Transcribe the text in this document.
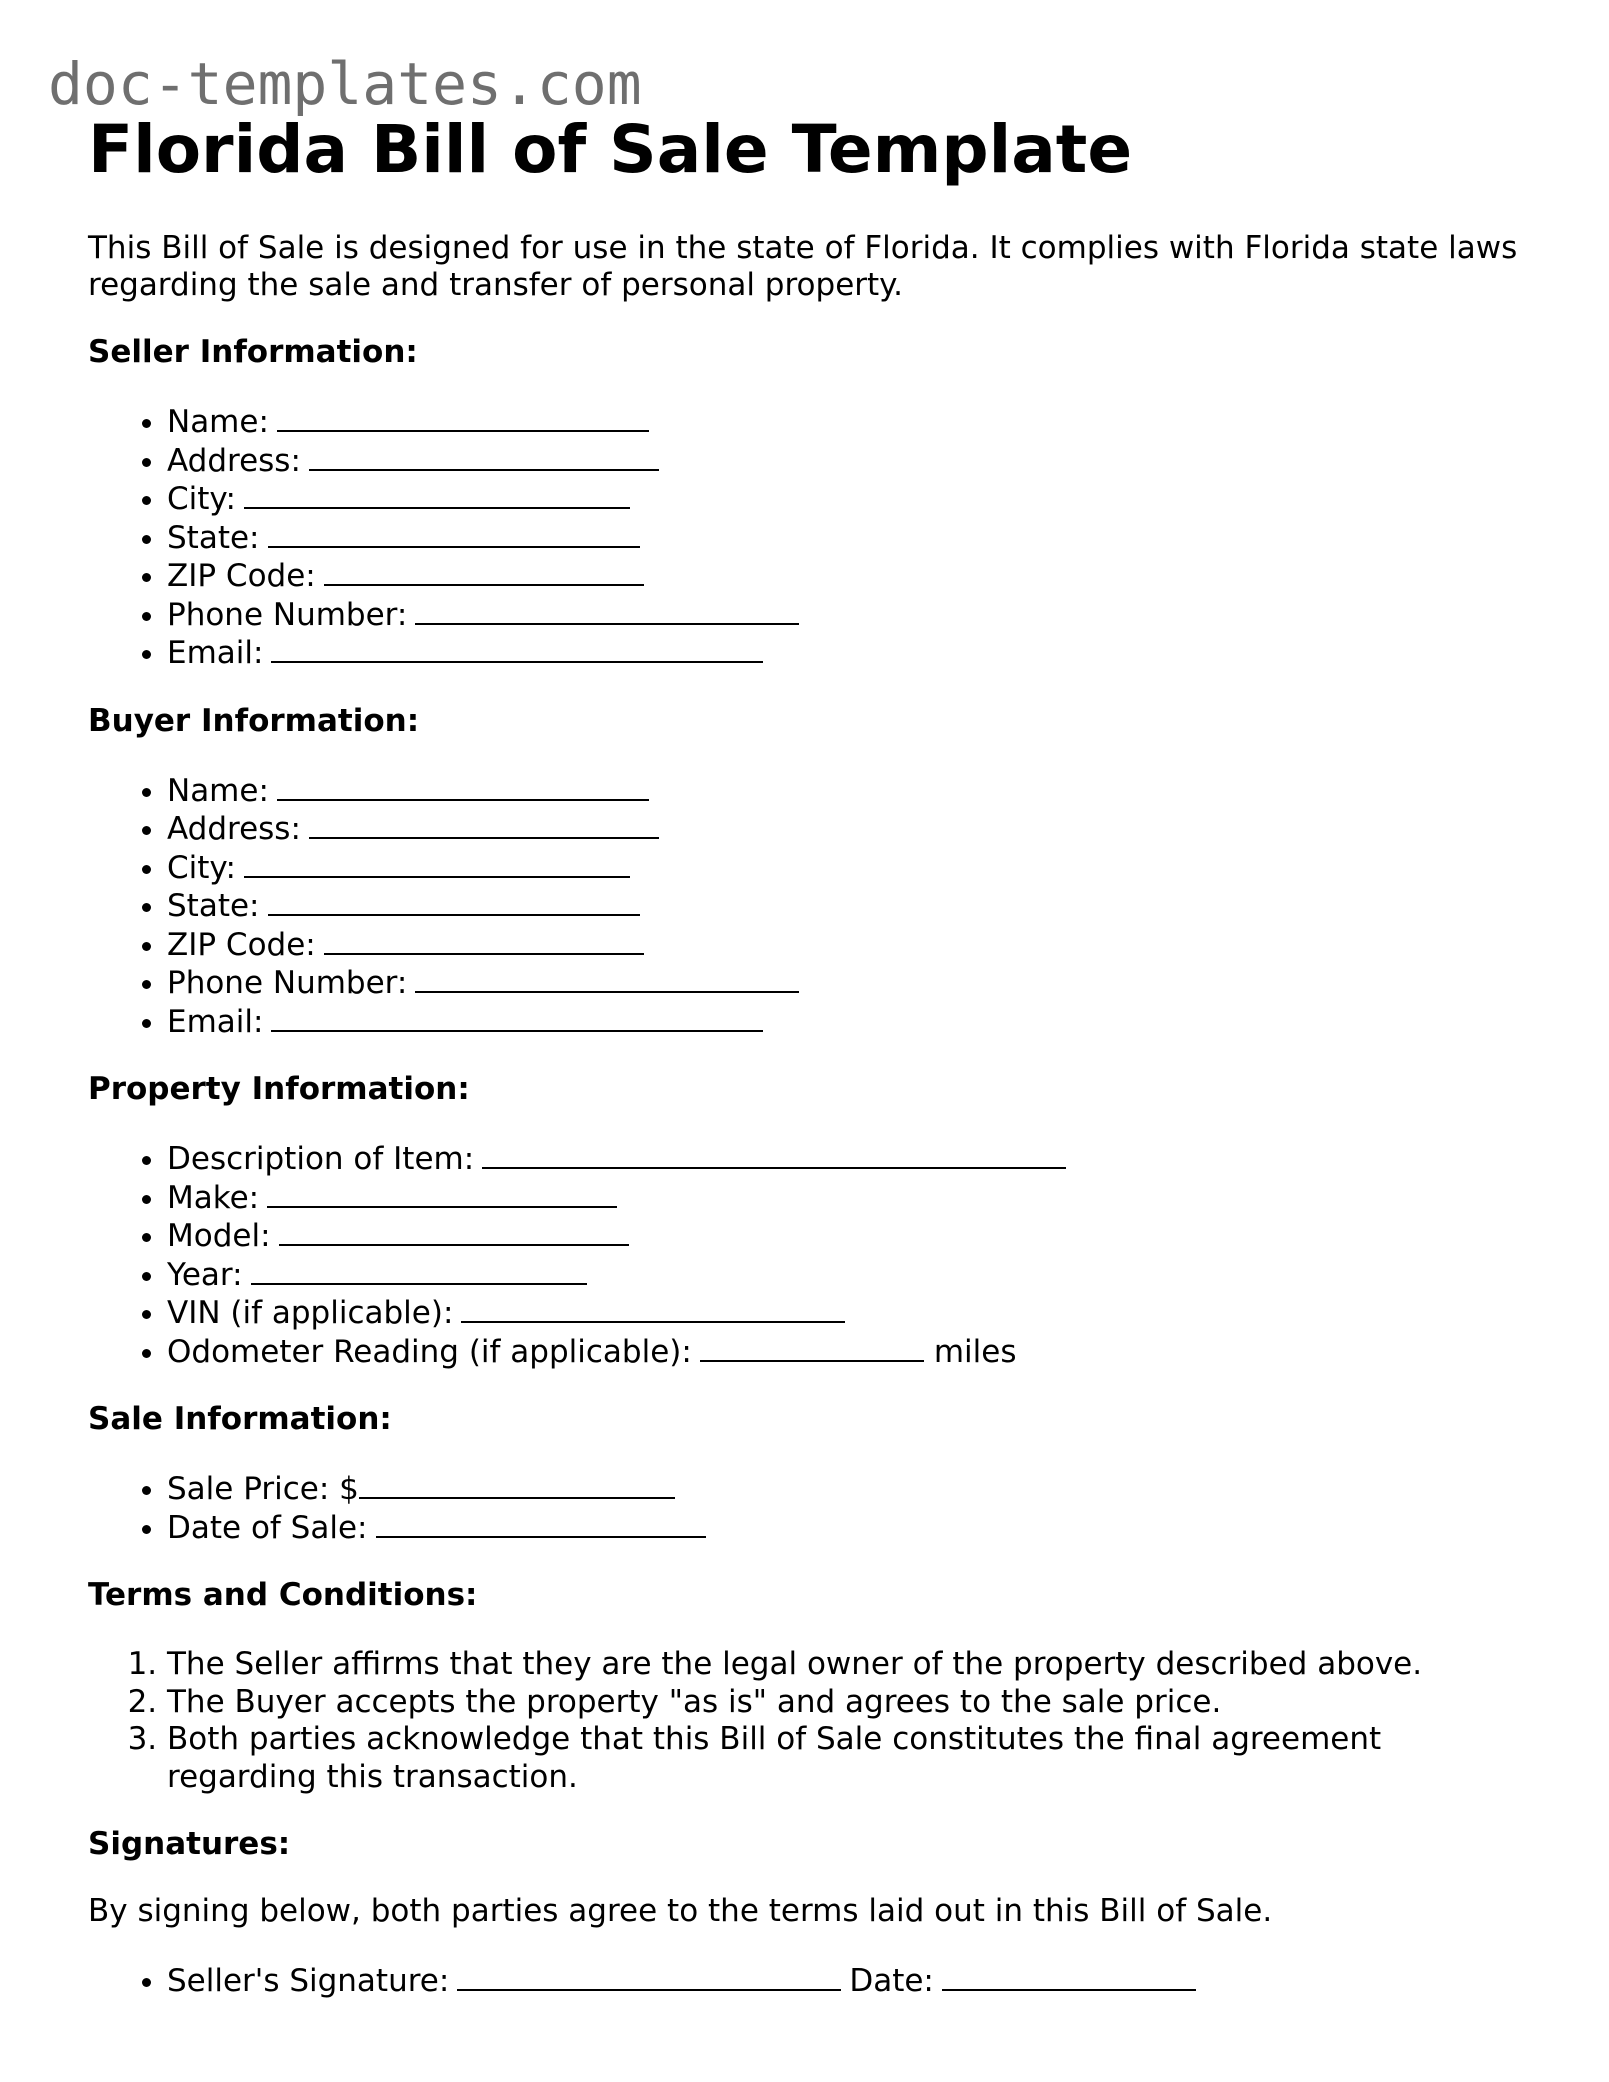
doc-templates.com
Florida Bill of Sale Template

This Bill of Sale is designed for use in the state of Florida. It complies with Florida state laws regarding the sale and transfer of personal property.

Seller Information:
• Name:
• Address:
• City:
• State:
• ZIP Code:
• Phone Number:
• Email:
Buyer Information:
• Name:
• Address:
• City:
• State:
• ZIP Code:
• Phone Number:
• Email:
Property Information:
• Description of Item:
• Make:
• Model:
• Year:
• VIN (if applicable):
• Odometer Reading (if applicable):	miles
Sale Information:
• Sale Price: $
• Date of Sale:
Terms and Conditions:
1. The Seller affirms that they are the legal owner of the property described above.
2. The Buyer accepts the property "as is" and agrees to the sale price.
3. Both parties acknowledge that this Bill of Sale constitutes the final agreement regarding this transaction.
Signatures:

By signing below, both parties agree to the terms laid out in this Bill of Sale.

• Seller's Signature:	Date:
